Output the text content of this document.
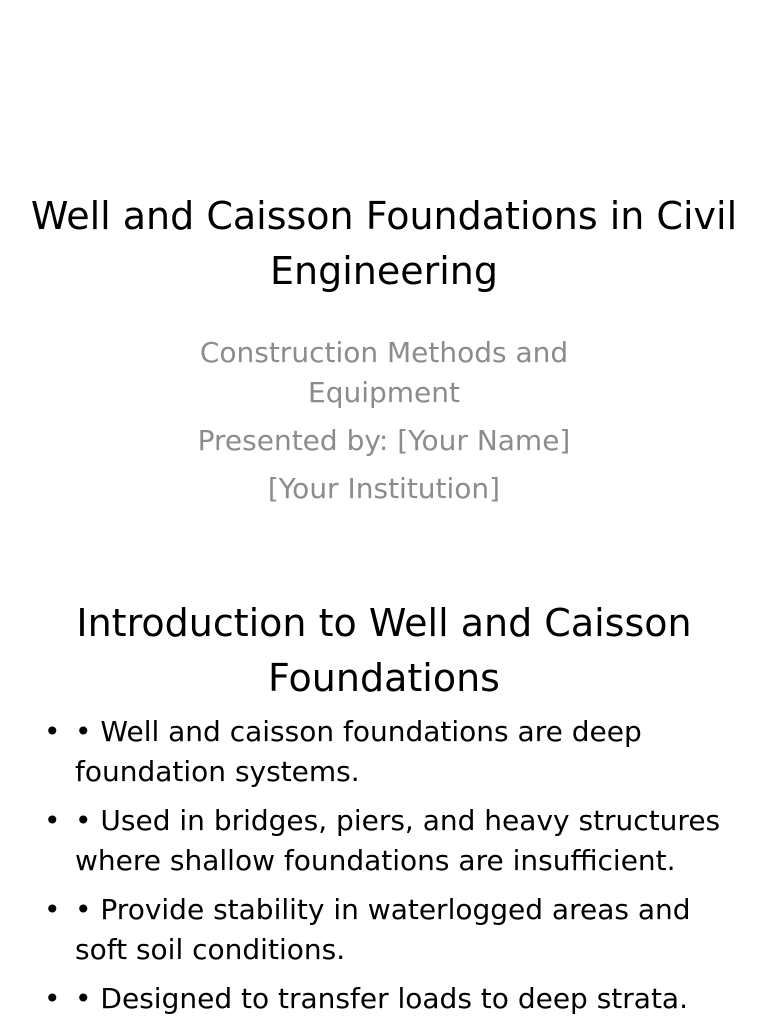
Well and Caisson Foundations in Civil Engineering
Construction Methods and Equipment
Presented by: [Your Name]
[Your Institution]
Introduction to Well and Caisson Foundations
• • Well and caisson foundations are deep foundation systems.
• • Used in bridges, piers, and heavy structures where shallow foundations are insufficient.
• • Provide stability in waterlogged areas and soft soil conditions.
• • Designed to transfer loads to deep strata.
